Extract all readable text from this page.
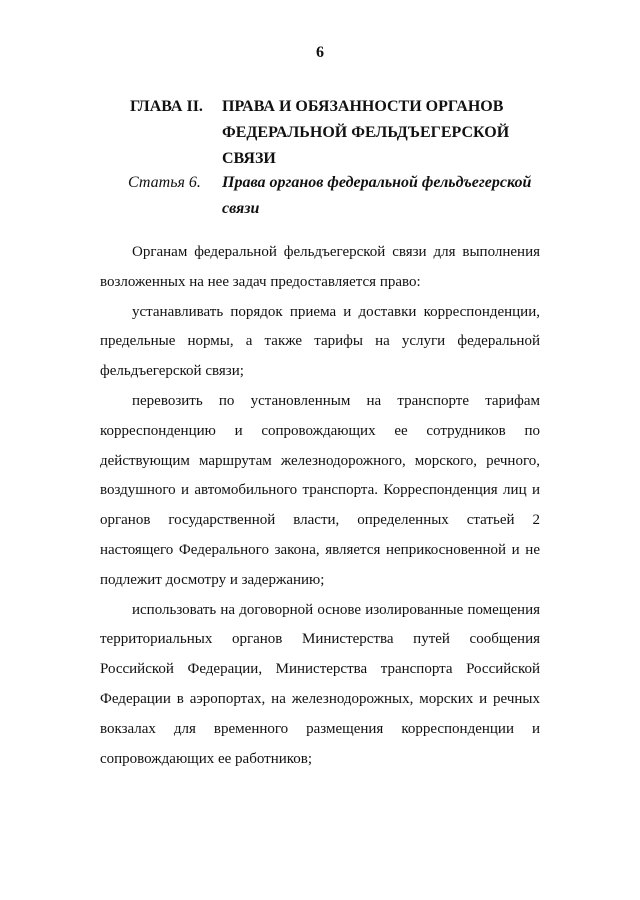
6
ГЛАВА II. ПРАВА И ОБЯЗАННОСТИ ОРГАНОВ ФЕДЕРАЛЬНОЙ ФЕЛЬДЪЕГЕРСКОЙ СВЯЗИ
Статья 6. Права органов федеральной фельдъегерской связи

Органам федеральной фельдъегерской связи для выполнения возложенных на нее задач предоставляется право:

устанавливать порядок приема и доставки корреспонденции, предельные нормы, а также тарифы на услуги федеральной фельдъегерской связи;

перевозить по установленным на транспорте тарифам корреспонденцию и сопровождающих ее сотрудников по действующим маршрутам железнодорожного, морского, речного, воздушного и автомобильного транспорта. Корреспонденция лиц и органов государственной власти, определенных статьей 2 настоящего Федерального закона, является неприкосновенной и не подлежит досмотру и задержанию;

использовать на договорной основе изолированные помещения территориальных органов Министерства путей сообщения Российской Федерации, Министерства транспорта Российской Федерации в аэропортах, на железнодорожных, морских и речных вокзалах для временного размещения корреспонденции и сопровождающих ее работников;
